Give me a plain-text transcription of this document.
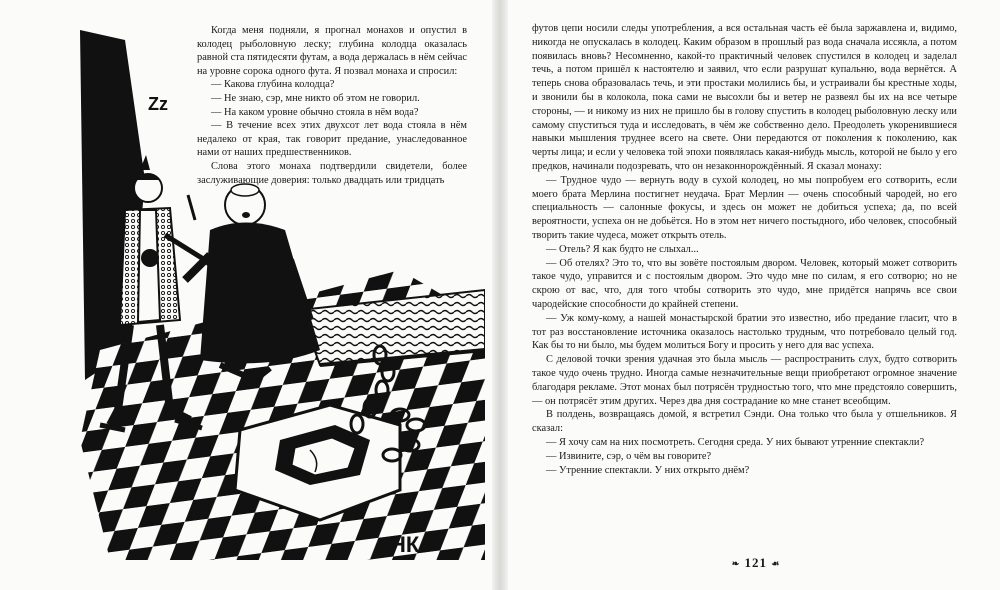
Zz
НК

Когда меня подняли, я прогнал монахов и опустил в колодец рыболовную леску; глубина колодца оказалась равной ста пятидесяти футам, а вода держалась в нём сейчас на уровне сорока одного фута. Я позвал монаха и спросил:

— Какова глубина колодца?

— Не знаю, сэр, мне никто об этом не говорил.

— На каком уровне обычно стояла в нём вода?

— В течение всех этих двухсот лет вода стояла в нём недалеко от края, так говорит предание, унаследованное нами от наших предшественников.

Слова этого монаха подтвердили свидетели, более заслуживающие доверия: только двадцать или тридцать

футов цепи носили следы употребления, а вся остальная часть её была заржавлена и, видимо, никогда не опускалась в колодец. Каким образом в прошлый раз вода сначала иссякла, а потом появилась вновь? Несомненно, какой-то практичный человек спустился в колодец и заделал течь, а потом пришёл к настоятелю и заявил, что если разрушат купальню, вода вернётся. А теперь снова образовалась течь, и эти простаки молились бы, и устраивали бы крестные ходы, и звонили бы в колокола, пока сами не высохли бы и ветер не развеял бы их на все четыре стороны, — и никому из них не пришло бы в голову спустить в колодец рыболовную леску или самому спуститься туда и исследовать, в чём же собственно дело. Преодолеть укоренившиеся навыки мышления труднее всего на свете. Они передаются от поколения к поколению, как черты лица; и если у человека той эпохи появлялась какая-нибудь мысль, которой не было у его предков, начинали подозревать, что он незаконнорождённый. Я сказал монаху:

— Трудное чудо — вернуть воду в сухой колодец, но мы попробуем его сотворить, если моего брата Мерлина постигнет неудача. Брат Мерлин — очень способный чародей, но его специальность — салонные фокусы, и здесь он может не добиться успеха; да, по всей вероятности, успеха он не добьётся. Но в этом нет ничего постыдного, ибо человек, способный творить такие чудеса, может открыть отель.

— Отель? Я как будто не слыхал...

— Об отелях? Это то, что вы зовёте постоялым двором. Человек, который может сотворить такое чудо, управится и с постоялым двором. Это чудо мне по силам, я его сотворю; но не скрою от вас, что, для того чтобы сотворить это чудо, мне придётся напрячь все свои чародейские способности до крайней степени.

— Уж кому-кому, а нашей монастырской братии это известно, ибо предание гласит, что в тот раз восстановление источника оказалось настолько трудным, что потребовало целый год. Как бы то ни было, мы будем молиться Богу и просить у него для вас успеха.

С деловой точки зрения удачная это была мысль — распространить слух, будто сотворить такое чудо очень трудно. Иногда самые незначительные вещи приобретают огромное значение благодаря рекламе. Этот монах был потрясён трудностью того, что мне предстояло совершить, — он потрясёт этим других. Через два дня сострадание ко мне станет всеобщим.

В полдень, возвращаясь домой, я встретил Сэнди. Она только что была у отшельников. Я сказал:

— Я хочу сам на них посмотреть. Сегодня среда. У них бывают утренние спектакли?

— Извините, сэр, о чём вы говорите?

— Утренние спектакли. У них открыто днём?

❧ 121 ☙
